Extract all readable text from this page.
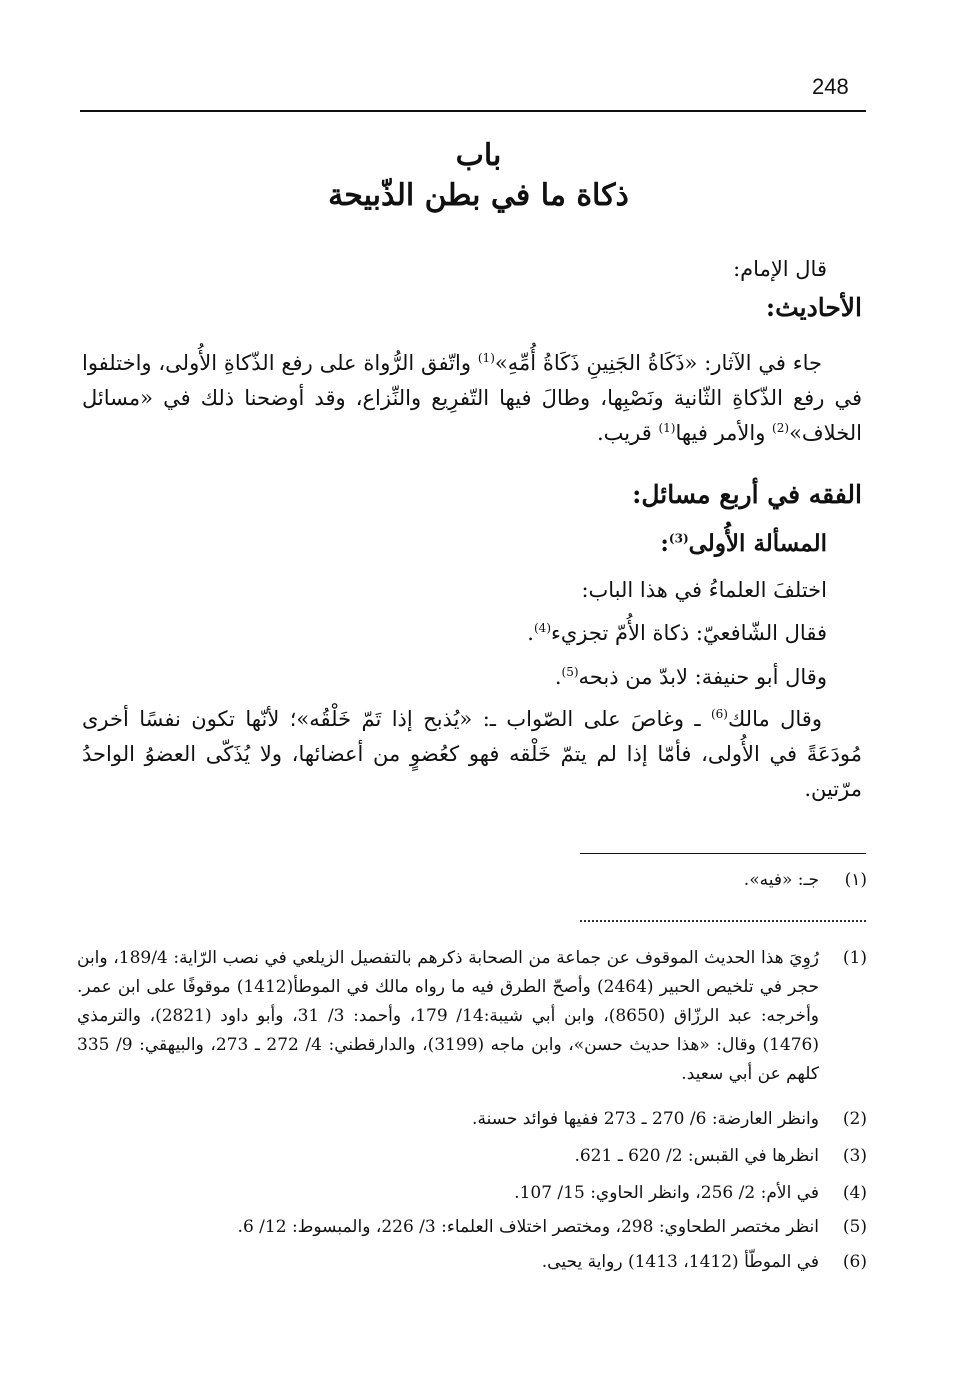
248
باب
ذكاة ما في بطن الذّبيحة
قال الإمام:
الأحاديث:
جاء في الآثار: «ذَكَاةُ الجَنِينِ ذَكَاةُ أُمِّهِ»$^{(1)}$ واتّفق الرُّواة على رفع الذّكاةِ الأُولى، واختلفوا في رفع الذّكاةِ الثّانية ونَصْبِها، وطالَ فيها التّفرِيع والنِّزاع، وقد أوضحنا ذلك في «مسائل الخلاف»$^{(2)}$ والأمر فيها$^{(1)}$ قريب.
الفقه في أربع مسائل:
المسألة الأُولى$^{(3)}$:
اختلفَ العلماءُ في هذا الباب:
فقال الشّافعيّ: ذكاة الأُمّ تجزيء$^{(4)}$.
وقال أبو حنيفة: لابدّ من ذبحه$^{(5)}$.
وقال مالك$^{(6)}$ ـ وغاصَ على الصّواب ـ: «يُذبح إذا تَمّ خَلْقُه»؛ لأنّها تكون نفسًا أخرى مُودَعَةً في الأُولى، فأمّا إذا لم يتمّ خَلْقه فهو كعُضوٍ من أعضائها، ولا يُذَكّى العضوُ الواحدُ مرّتين.
(١)
جـ: «فيه».
(1)
رُوِيَ هذا الحديث الموقوف عن جماعة من الصحابة ذكرهم بالتفصيل الزيلعي في نصب الرّاية: 189/4، وابن حجر في تلخيص الحبير (2464) وأصحّ الطرق فيه ما رواه مالك في الموطأ(1412) موقوفًا على ابن عمر. وأخرجه: عبد الرزّاق (8650)، وابن أبي شيبة:14/ 179، وأحمد: 3/ 31، وأبو داود (2821)، والترمذي (1476) وقال: «هذا حديث حسن»، وابن ماجه (3199)، والدارقطني: 4/ 272 ـ 273، والبيهقي: 9/ 335 كلهم عن أبي سعيد.
(2)
وانظر العارضة: 6/ 270 ـ 273 ففيها فوائد حسنة.
(3)
انظرها في القبس: 2/ 620 ـ 621.
(4)
في الأم: 2/ 256، وانظر الحاوي: 15/ 107.
(5)
انظر مختصر الطحاوي: 298، ومختصر اختلاف العلماء: 3/ 226، والمبسوط: 12/ 6.
(6)
في الموطّأ (1412، 1413) رواية يحيى.
